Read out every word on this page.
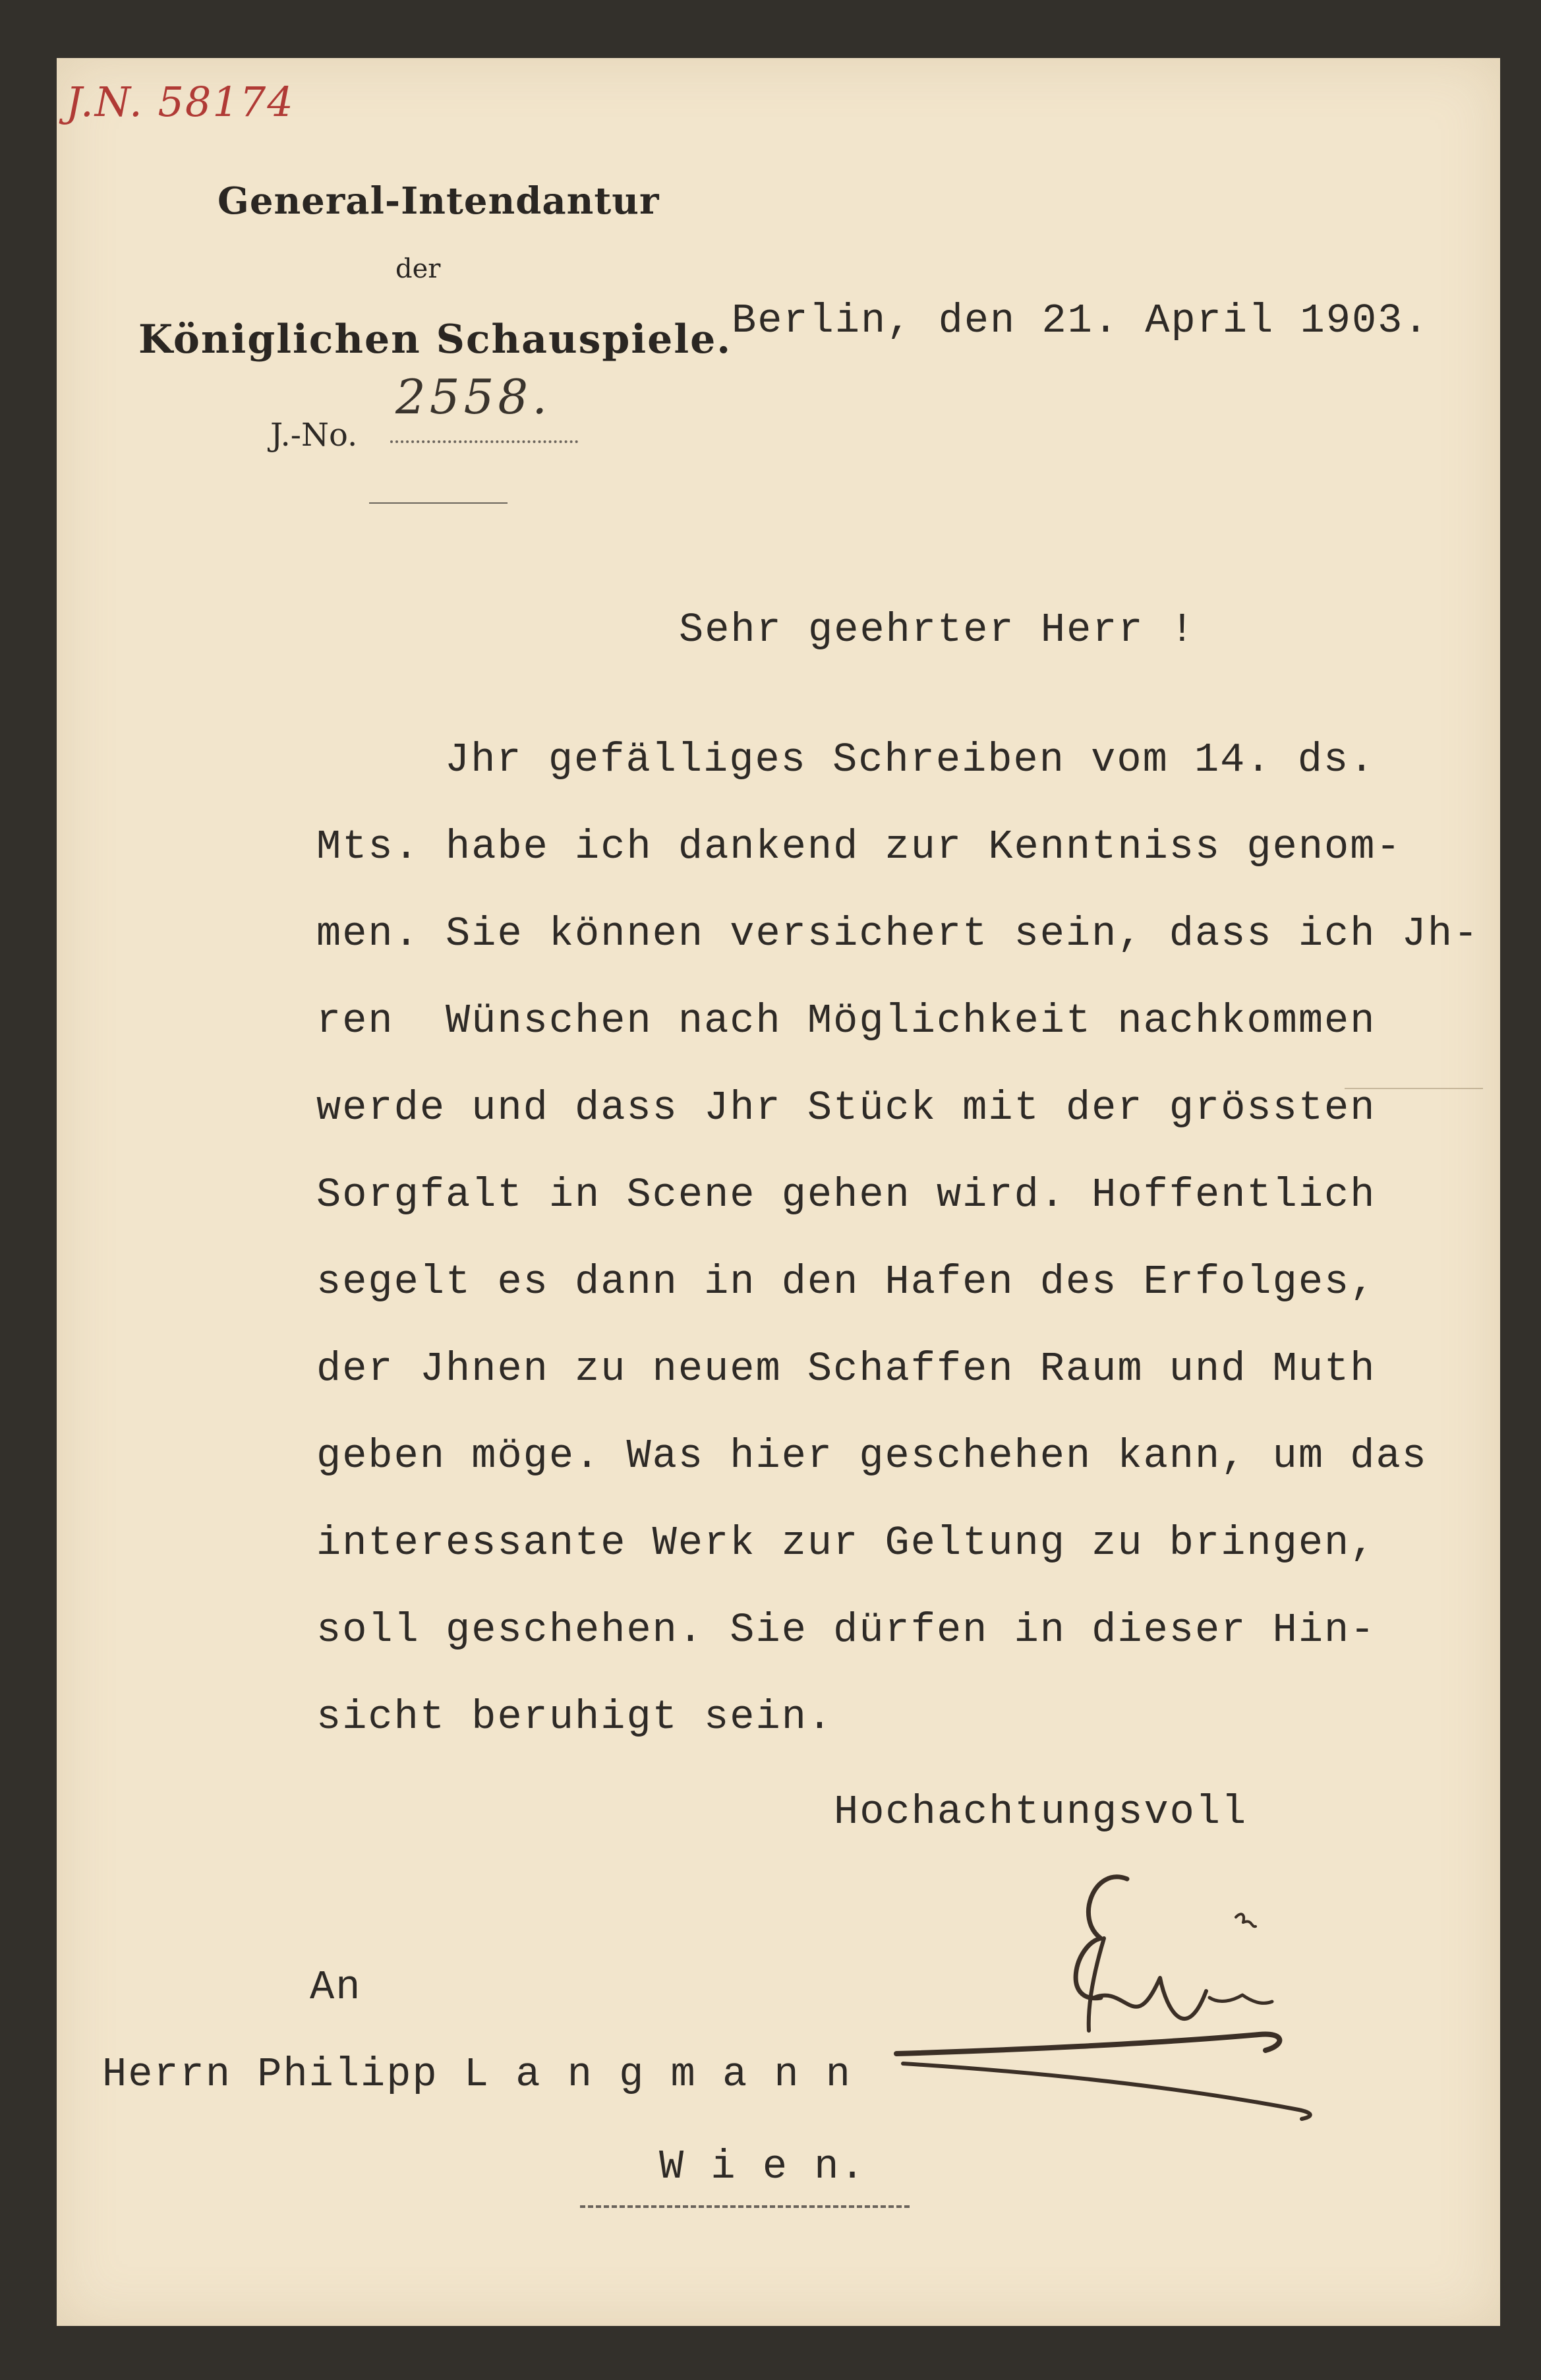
J.N. 58174
General-Intendantur
der
Königlichen Schauspiele.
J.-No.
2558.
Berlin, den 21. April 1903.
Sehr geehrter Herr !
Jhr gefälliges Schreiben vom 14. ds.
Mts. habe ich dankend zur Kenntniss genom-
men. Sie können versichert sein, dass ich Jh-
ren  Wünschen nach Möglichkeit nachkommen
werde und dass Jhr Stück mit der grössten
Sorgfalt in Scene gehen wird. Hoffentlich
segelt es dann in den Hafen des Erfolges,
der Jhnen zu neuem Schaffen Raum und Muth
geben möge. Was hier geschehen kann, um das
interessante Werk zur Geltung zu bringen,
soll geschehen. Sie dürfen in dieser Hin-
sicht beruhigt sein.
Hochachtungsvoll
An
Herrn Philipp L a n g m a n n
W i e n.
